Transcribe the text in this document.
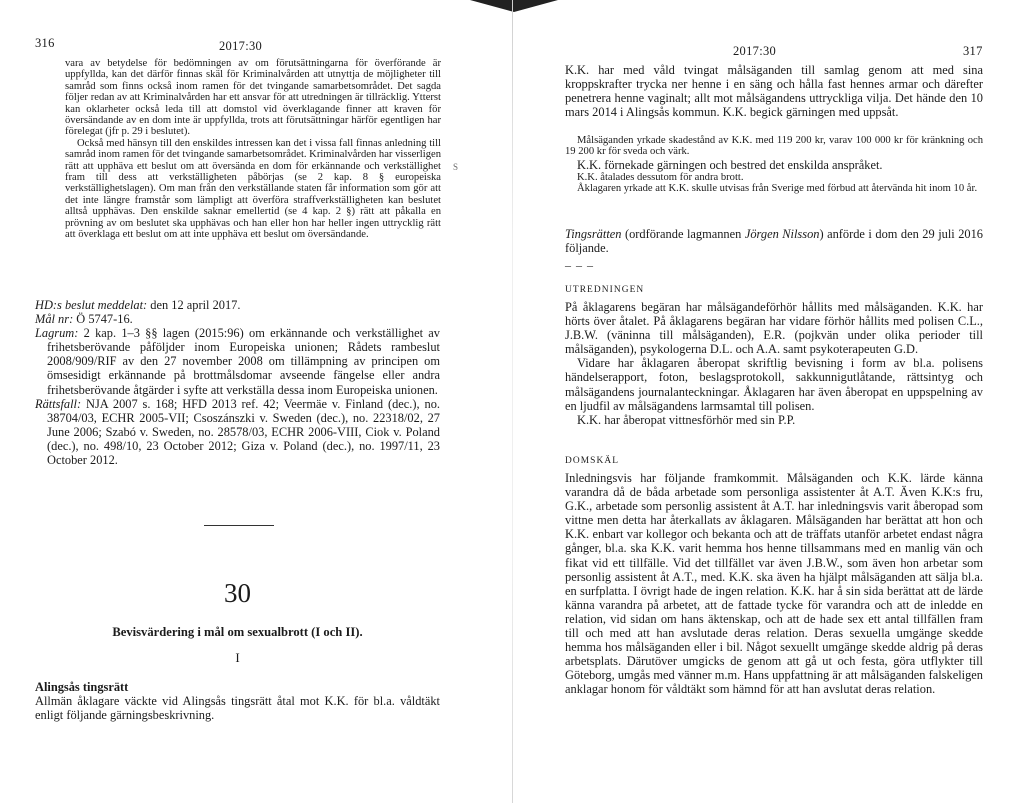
316	2017:30

vara av betydelse för bedömningen av om förutsättningarna för överförande är uppfyllda, kan det därför finnas skäl för Kriminalvården att utnyttja de möjligheter till samråd som finns också inom ramen för det tvingande samarbetsområdet. Det sagda följer redan av att Kriminalvården har ett ansvar för att utredningen är tillräcklig. Ytterst kan oklarheter också leda till att domstol vid överklagande finner att kraven för översändande av en dom inte är uppfyllda, trots att förutsättningar härför egentligen har förelegat (jfr p. 29 i beslutet).

Också med hänsyn till den enskildes intressen kan det i vissa fall finnas anledning till samråd inom ramen för det tvingande samarbetsområdet. Kriminalvården har visserligen rätt att upphäva ett beslut om att översända en dom för erkännande och verkställighet fram till dess att verkställigheten påbörjas (se 2 kap. 8 § europeiska verkställighetslagen). Om man från den verkställande staten får information som gör att det inte längre framstår som lämpligt att överföra straffverkställigheten kan beslutet alltså upphävas. Den enskilde saknar emellertid (se 4 kap. 2 §) rätt att påkalla en prövning av om beslutet ska upphävas och han eller hon har heller ingen uttrycklig rätt att överklaga ett beslut om att inte upphäva ett beslut om översändande.

HD:s beslut meddelat: den 12 april 2017.

Mål nr: Ö 5747-16.

Lagrum: 2 kap. 1–3 §§ lagen (2015:96) om erkännande och verkställighet av frihetsberövande påföljder inom Europeiska unionen; Rådets rambeslut 2008/909/RIF av den 27 november 2008 om tillämpning av principen om ömsesidigt erkännande på brottmålsdomar avseende fängelse eller andra frihetsberövande åtgärder i syfte att verkställa dessa inom Europeiska unionen.

Rättsfall: NJA 2007 s. 168; HFD 2013 ref. 42; Veermäe v. Finland (dec.), no. 38704/03, ECHR 2005-VII; Csoszánszki v. Sweden (dec.), no. 22318/02, 27 June 2006; Szabó v. Sweden, no. 28578/03, ECHR 2006-VIII, Ciok v. Poland (dec.), no. 498/10, 23 October 2012; Giza v. Poland (dec.), no. 1997/11, 23 October 2012.

30
Bevisvärdering i mål om sexualbrott (I och II).
I
Alingsås tingsrätt

Allmän åklagare väckte vid Alingsås tingsrätt åtal mot K.K. för bl.a. våldtäkt enligt följande gärningsbeskrivning.

S
2017:30	317

K.K. har med våld tvingat målsäganden till samlag genom att med sina kroppskrafter trycka ner henne i en säng och hålla fast hennes armar och därefter penetrera henne vaginalt; allt mot målsägandens uttryckliga vilja. Det hände den 10 mars 2014 i Alingsås kommun. K.K. begick gärningen med uppsåt.

Målsäganden yrkade skadestånd av K.K. med 119 200 kr, varav 100 000 kr för kränkning och 19 200 kr för sveda och värk.

K.K. förnekade gärningen och bestred det enskilda anspråket.

K.K. åtalades dessutom för andra brott.

Åklagaren yrkade att K.K. skulle utvisas från Sverige med förbud att återvända hit inom 10 år.

Tingsrätten (ordförande lagmannen Jörgen Nilsson) anförde i dom den 29 juli 2016 följande.

– – –
UTREDNINGEN

På åklagarens begäran har målsägandeförhör hållits med målsäganden. K.K. har hörts över åtalet. På åklagarens begäran har vidare förhör hållits med polisen C.L., J.B.W. (väninna till målsäganden), E.R. (pojkvän under olika perioder till målsäganden), psykologerna D.L. och A.A. samt psykoterapeuten G.D.

Vidare har åklagaren åberopat skriftlig bevisning i form av bl.a. polisens händelserapport, foton, beslagsprotokoll, sakkunnigutlåtande, rättsintyg och målsägandens journalanteckningar. Åklagaren har även åberopat en uppspelning av en ljudfil av målsägandens larmsamtal till polisen.

K.K. har åberopat vittnesförhör med sin P.P.

DOMSKÄL

Inledningsvis har följande framkommit. Målsäganden och K.K. lärde känna varandra då de båda arbetade som personliga assistenter åt A.T. Även K.K:s fru, G.K., arbetade som personlig assistent åt A.T. har inledningsvis varit åberopad som vittne men detta har återkallats av åklagaren. Målsäganden har berättat att hon och K.K. enbart var kollegor och bekanta och att de träffats utanför arbetet endast några gånger, bl.a. ska K.K. varit hemma hos henne tillsammans med en manlig vän och fikat vid ett tillfälle. Vid det tillfället var även J.B.W., som även hon arbetar som personlig assistent åt A.T., med. K.K. ska även ha hjälpt målsäganden att sälja bl.a. en surfplatta. I övrigt hade de ingen relation. K.K. har å sin sida berättat att de lärde känna varandra på arbetet, att de fattade tycke för varandra och att de inledde en relation, vid sidan om hans äktenskap, och att de hade sex ett antal tillfällen fram till och med att han avslutade deras relation. Deras sexuella umgänge skedde hemma hos målsäganden eller i bil. Något sexuellt umgänge skedde aldrig på deras arbetsplats. Därutöver umgicks de genom att gå ut och festa, göra utflykter till Göteborg, umgås med vänner m.m. Hans uppfattning är att målsäganden falskeligen anklagar honom för våldtäkt som hämnd för att han avslutat deras relation.
